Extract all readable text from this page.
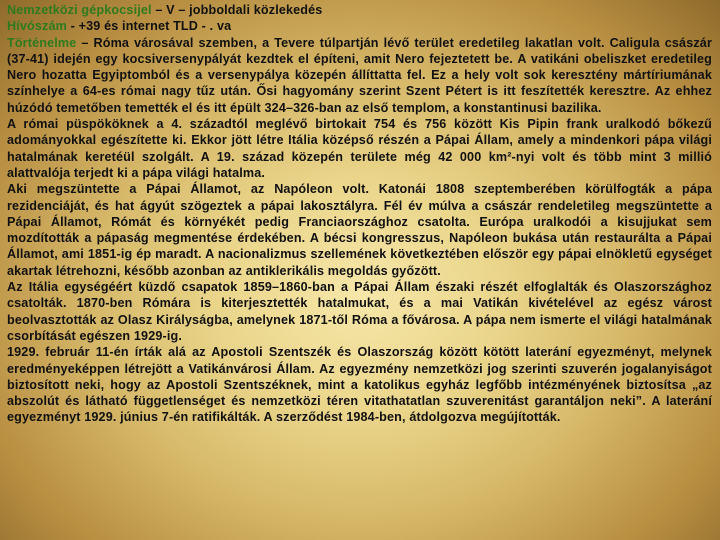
Nemzetközi gépkocsijel – V – jobboldali közlekedés

Hívószám - +39 és internet TLD - . va

Történelme – Róma városával szemben, a Tevere túlpartján lévő terület eredetileg lakatlan volt. Caligula császár (37-41) idején egy kocsiversenypályát kezdtek el építeni, amit Nero fejeztetett be. A vatikáni obeliszket eredetileg Nero hozatta Egyiptomból és a versenypálya közepén állíttatta fel. Ez a hely volt sok keresztény mártíriumának színhelye a 64-es római nagy tűz után. Ősi hagyomány szerint Szent Pétert is itt feszítették keresztre. Az ehhez húzódó temetőben temették el és itt épült 324–326-ban az első templom, a konstantinusi bazilika.

A római püspököknek a 4. századtól meglévő birtokait 754 és 756 között Kis Pipin frank uralkodó bőkezű adományokkal egészítette ki. Ekkor jött létre Itália középső részén a Pápai Állam, amely a mindenkori pápa világi hatalmának keretéül szolgált. A 19. század közepén területe még 42 000 km²-nyi volt és több mint 3 millió alattvalója terjedt ki a pápa világi hatalma.

Aki megszüntette a Pápai Államot, az Napóleon volt. Katonái 1808 szeptemberében körülfogták a pápa rezidenciáját, és hat ágyút szögeztek a pápai lakosztályra. Fél év múlva a császár rendeletileg megszüntette a Pápai Államot, Rómát és környékét pedig Franciaországhoz csatolta. Európa uralkodói a kisujjukat sem mozdították a pápaság megmentése érdekében. A bécsi kongresszus, Napóleon bukása után restaurálta a Pápai Államot, ami 1851-ig ép maradt. A nacionalizmus szellemének következtében először egy pápai elnökletű egységet akartak létrehozni, később azonban az antiklerikális megoldás győzött.

Az Itália egységéért küzdő csapatok 1859–1860-ban a Pápai Állam északi részét elfoglalták és Olaszországhoz csatolták. 1870-ben Rómára is kiterjesztették hatalmukat, és a mai Vatikán kivételével az egész várost beolvasztották az Olasz Királyságba, amelynek 1871-től Róma a fővárosa. A pápa nem ismerte el világi hatalmának csorbítását egészen 1929-ig.

1929. február 11-én írták alá az Apostoli Szentszék és Olaszország között kötött laterání egyezményt, melynek eredményeképpen létrejött a Vatikánvárosi Állam. Az egyezmény nemzetközi jog szerinti szuverén jogalanyiságot biztosított neki, hogy az Apostoli Szentszéknek, mint a katolikus egyház legfőbb intézményének biztosítsa „az abszolút és látható függetlenséget és nemzetközi téren vitathatatlan szuverenitást garantáljon neki”. A laterání egyezményt 1929. június 7-én ratifikálták. A szerződést 1984-ben, átdolgozva megújították.
